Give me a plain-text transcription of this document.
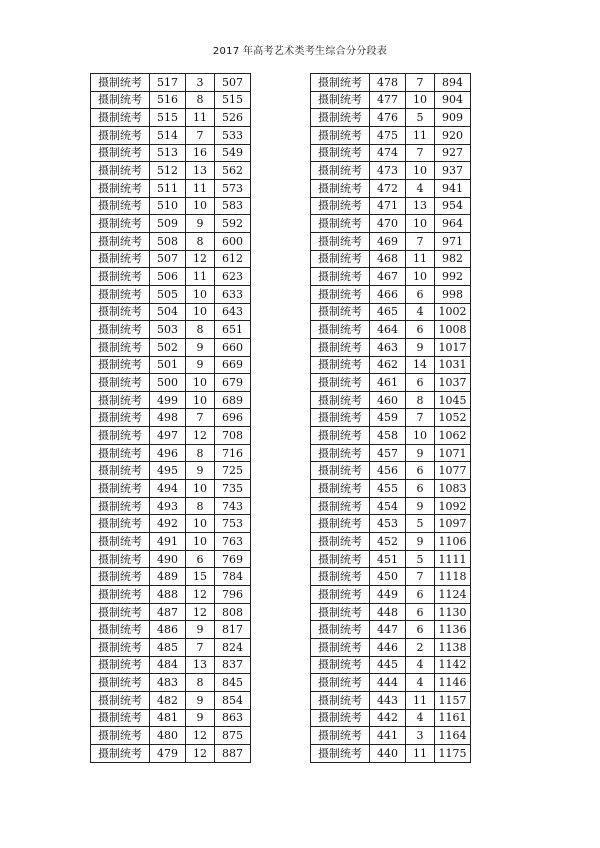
2017 年高考艺术类考生综合分分段表
摄制统考	517	3	507
摄制统考	516	8	515
摄制统考	515	11	526
摄制统考	514	7	533
摄制统考	513	16	549
摄制统考	512	13	562
摄制统考	511	11	573
摄制统考	510	10	583
摄制统考	509	9	592
摄制统考	508	8	600
摄制统考	507	12	612
摄制统考	506	11	623
摄制统考	505	10	633
摄制统考	504	10	643
摄制统考	503	8	651
摄制统考	502	9	660
摄制统考	501	9	669
摄制统考	500	10	679
摄制统考	499	10	689
摄制统考	498	7	696
摄制统考	497	12	708
摄制统考	496	8	716
摄制统考	495	9	725
摄制统考	494	10	735
摄制统考	493	8	743
摄制统考	492	10	753
摄制统考	491	10	763
摄制统考	490	6	769
摄制统考	489	15	784
摄制统考	488	12	796
摄制统考	487	12	808
摄制统考	486	9	817
摄制统考	485	7	824
摄制统考	484	13	837
摄制统考	483	8	845
摄制统考	482	9	854
摄制统考	481	9	863
摄制统考	480	12	875
摄制统考	479	12	887
摄制统考	478	7	894
摄制统考	477	10	904
摄制统考	476	5	909
摄制统考	475	11	920
摄制统考	474	7	927
摄制统考	473	10	937
摄制统考	472	4	941
摄制统考	471	13	954
摄制统考	470	10	964
摄制统考	469	7	971
摄制统考	468	11	982
摄制统考	467	10	992
摄制统考	466	6	998
摄制统考	465	4	1002
摄制统考	464	6	1008
摄制统考	463	9	1017
摄制统考	462	14	1031
摄制统考	461	6	1037
摄制统考	460	8	1045
摄制统考	459	7	1052
摄制统考	458	10	1062
摄制统考	457	9	1071
摄制统考	456	6	1077
摄制统考	455	6	1083
摄制统考	454	9	1092
摄制统考	453	5	1097
摄制统考	452	9	1106
摄制统考	451	5	1111
摄制统考	450	7	1118
摄制统考	449	6	1124
摄制统考	448	6	1130
摄制统考	447	6	1136
摄制统考	446	2	1138
摄制统考	445	4	1142
摄制统考	444	4	1146
摄制统考	443	11	1157
摄制统考	442	4	1161
摄制统考	441	3	1164
摄制统考	440	11	1175
